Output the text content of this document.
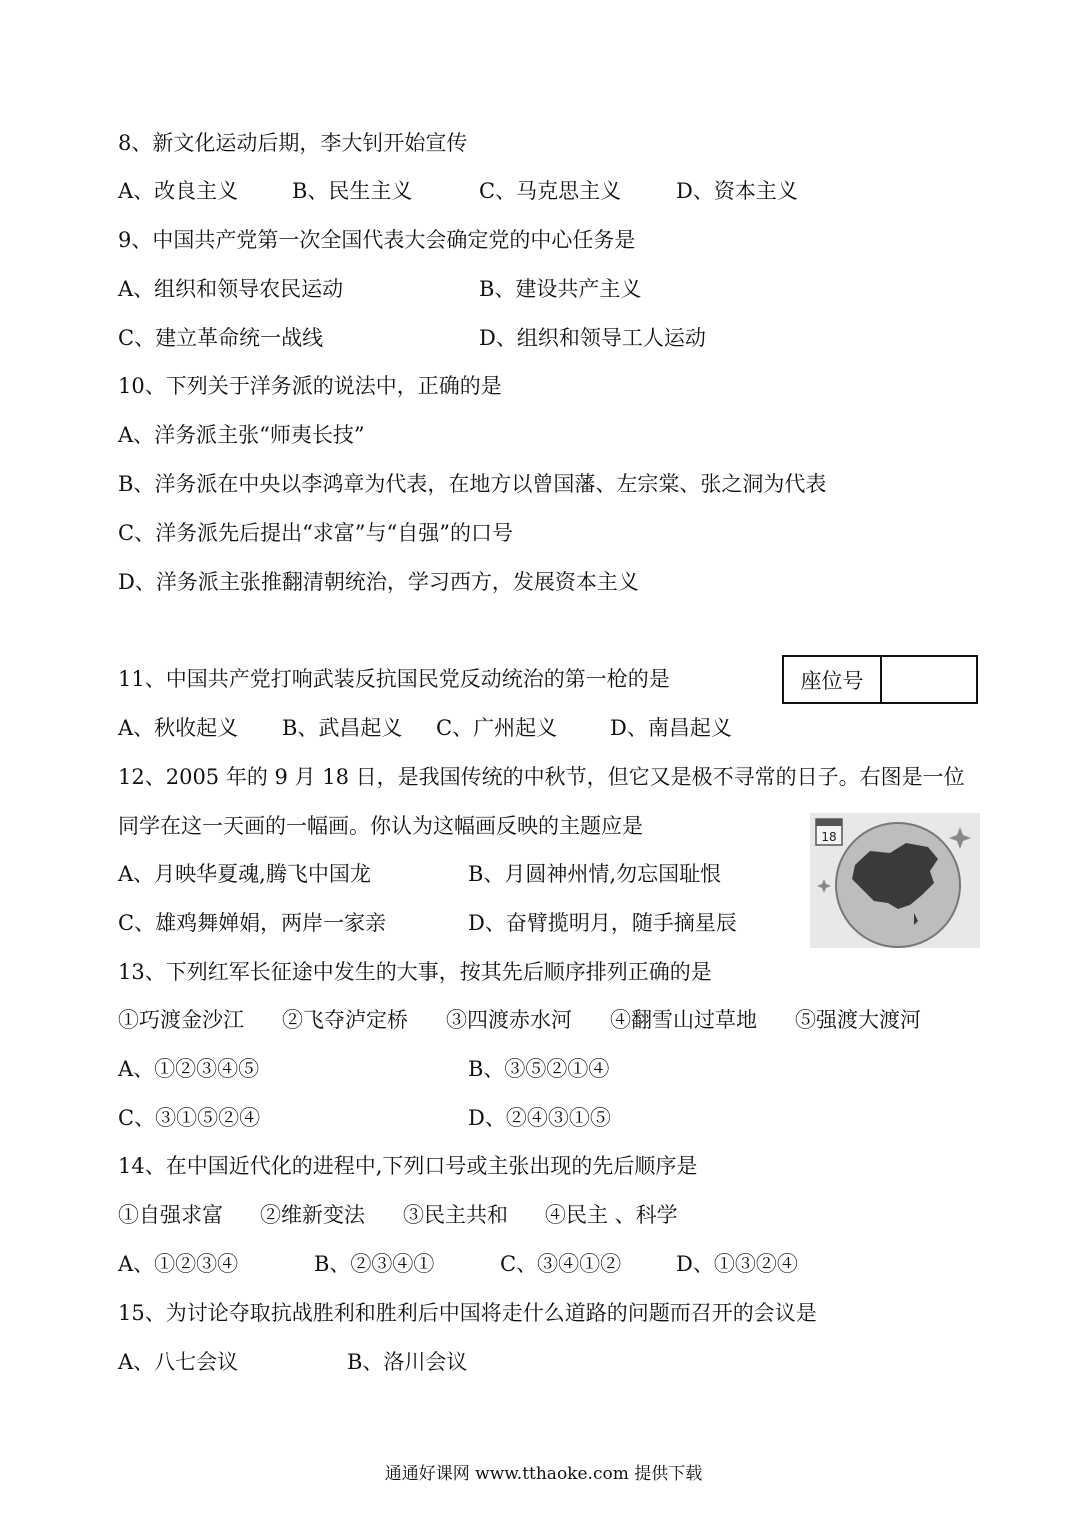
8、新文化运动后期，李大钊开始宣传
A、改良主义	B、民生主义	C、马克思主义	D、资本主义
9、中国共产党第一次全国代表大会确定党的中心任务是
A、组织和领导农民运动	B、建设共产主义
C、建立革命统一战线	D、组织和领导工人运动
10、下列关于洋务派的说法中，正确的是
A、洋务派主张“师夷长技”
B、洋务派在中央以李鸿章为代表，在地方以曾国藩、左宗棠、张之洞为代表
C、洋务派先后提出“求富”与“自强”的口号
D、洋务派主张推翻清朝统治，学习西方，发展资本主义
座位号
11、中国共产党打响武装反抗国民党反动统治的第一枪的是
A、秋收起义 B、武昌起义 C、广州起义	D、南昌起义
12、2005 年的 9 月 18 日，是我国传统的中秋节，但它又是极不寻常的日子。右图是一位
同学在这一天画的一幅画。你认为这幅画反映的主题应是
A、月映华夏魂,腾飞中国龙	B、月圆神州情,勿忘国耻恨
C、雄鸡舞婵娟，两岸一家亲	D、奋臂揽明月，随手摘星辰
18
13、下列红军长征途中发生的大事，按其先后顺序排列正确的是
①巧渡金沙江 ②飞夺泸定桥 ③四渡赤水河 ④翻雪山过草地 ⑤强渡大渡河
A、①②③④⑤	B、③⑤②①④
C、③①⑤②④	D、②④③①⑤
14、在中国近代化的进程中,下列口号或主张出现的先后顺序是
①自强求富 ②维新变法 ③民主共和 ④民主 、科学
A、①②③④	B、②③④①	C、③④①②	D、①③②④
15、为讨论夺取抗战胜利和胜利后中国将走什么道路的问题而召开的会议是
A、八七会议	B、洛川会议
通通好课网 www.tthaoke.com 提供下载
